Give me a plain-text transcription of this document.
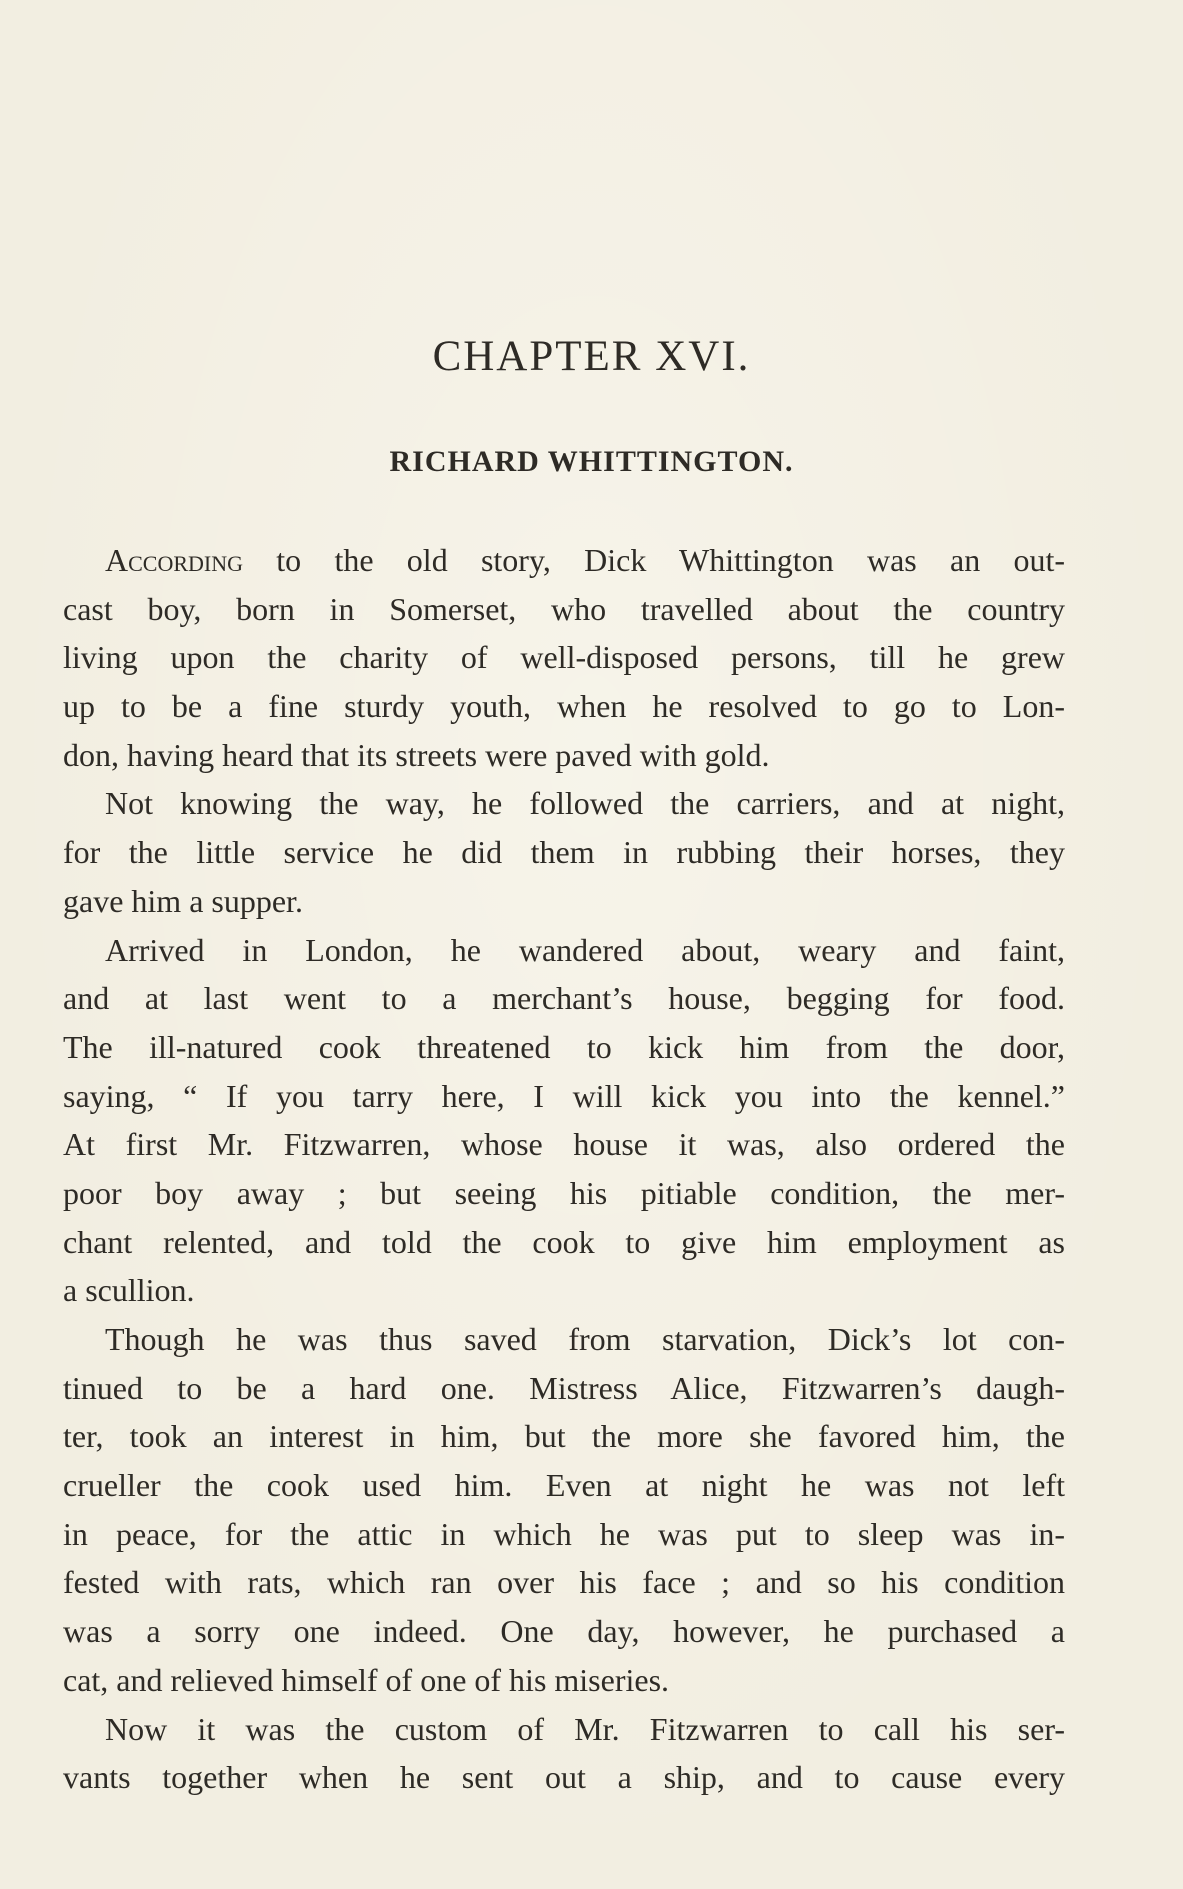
CHAPTER XVI.
RICHARD WHITTINGTON.
According to the old story, Dick Whittington was an out-
cast boy, born in Somerset, who travelled about the country
living upon the charity of well-disposed persons, till he grew
up to be a fine sturdy youth, when he resolved to go to Lon-
don, having heard that its streets were paved with gold.
Not knowing the way, he followed the carriers, and at night,
for the little service he did them in rubbing their horses, they
gave him a supper.
Arrived in London, he wandered about, weary and faint,
and at last went to a merchant’s house, begging for food.
The ill-natured cook threatened to kick him from the door,
saying, “ If you tarry here, I will kick you into the kennel.”
At first Mr. Fitzwarren, whose house it was, also ordered the
poor boy away ; but seeing his pitiable condition, the mer-
chant relented, and told the cook to give him employment as
a scullion.
Though he was thus saved from starvation, Dick’s lot con-
tinued to be a hard one. Mistress Alice, Fitzwarren’s daugh-
ter, took an interest in him, but the more she favored him, the
crueller the cook used him. Even at night he was not left
in peace, for the attic in which he was put to sleep was in-
fested with rats, which ran over his face ; and so his condition
was a sorry one indeed. One day, however, he purchased a
cat, and relieved himself of one of his miseries.
Now it was the custom of Mr. Fitzwarren to call his ser-
vants together when he sent out a ship, and to cause every
